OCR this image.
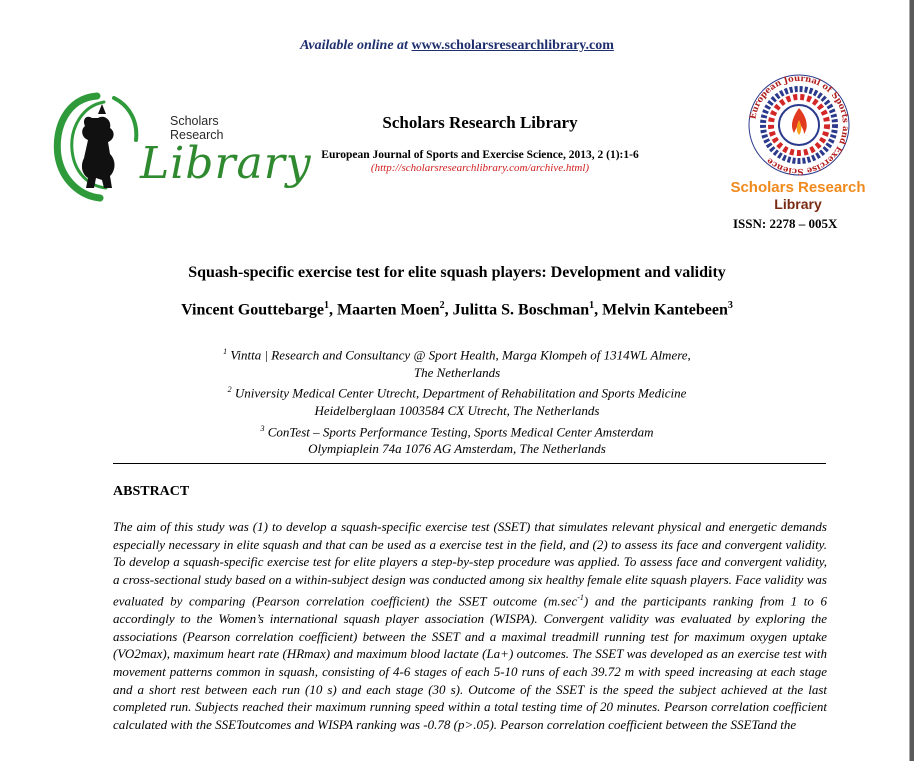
Available online at www.scholarsresearchlibrary.com
Scholars Research
Library
Scholars Research Library
European Journal of Sports and Exercise Science, 2013, 2 (1):1-6
(http://scholarsresearchlibrary.com/archive.html)
European Journal of Sports and Exercise Science
Scholars Research
Library
ISSN: 2278 – 005X
Squash-specific exercise test for elite squash players: Development and validity
Vincent Gouttebarge$^1$, Maarten Moen$^2$, Julitta S. Boschman$^1$, Melvin Kantebeen$^3$
$^1$ Vintta | Research and Consultancy @ Sport Health, Marga Klompeh of 1314WL Almere,
The Netherlands
$^2$ University Medical Center Utrecht, Department of Rehabilitation and Sports Medicine
Heidelberglaan 1003584 CX Utrecht, The Netherlands
$^3$ ConTest – Sports Performance Testing, Sports Medical Center Amsterdam
Olympiaplein 74a 1076 AG Amsterdam, The Netherlands
ABSTRACT
The aim of this study was (1) to develop a squash-specific exercise test (SSET) that simulates relevant physical and energetic demands especially necessary in elite squash and that can be used as a exercise test in the field, and (2) to assess its face and convergent validity. To develop a squash-specific exercise test for elite players a step-by-step procedure was applied. To assess face and convergent validity, a cross-sectional study based on a within-subject design was conducted among six healthy female elite squash players. Face validity was evaluated by comparing (Pearson correlation coefficient) the SSET outcome $(m.\sec^{-1})$ and the participants ranking from 1 to 6 accordingly to the Women’s international squash player association (WISPA). Convergent validity was evaluated by exploring the associations (Pearson correlation coefficient) between the SSET and a maximal treadmill running test for maximum oxygen uptake (VO2max), maximum heart rate (HRmax) and maximum blood lactate (La+) outcomes. The SSET was developed as an exercise test with movement patterns common in squash, consisting of 4-6 stages of each 5-10 runs of each 39.72 m with speed increasing at each stage and a short rest between each run (10 s) and each stage (30 s). Outcome of the SSET is the speed the subject achieved at the last completed run. Subjects reached their maximum running speed within a total testing time of 20 minutes. Pearson correlation coefficient calculated with the SSEToutcomes and WISPA ranking was -0.78 (p>.05). Pearson correlation coefficient between the SSETand the
